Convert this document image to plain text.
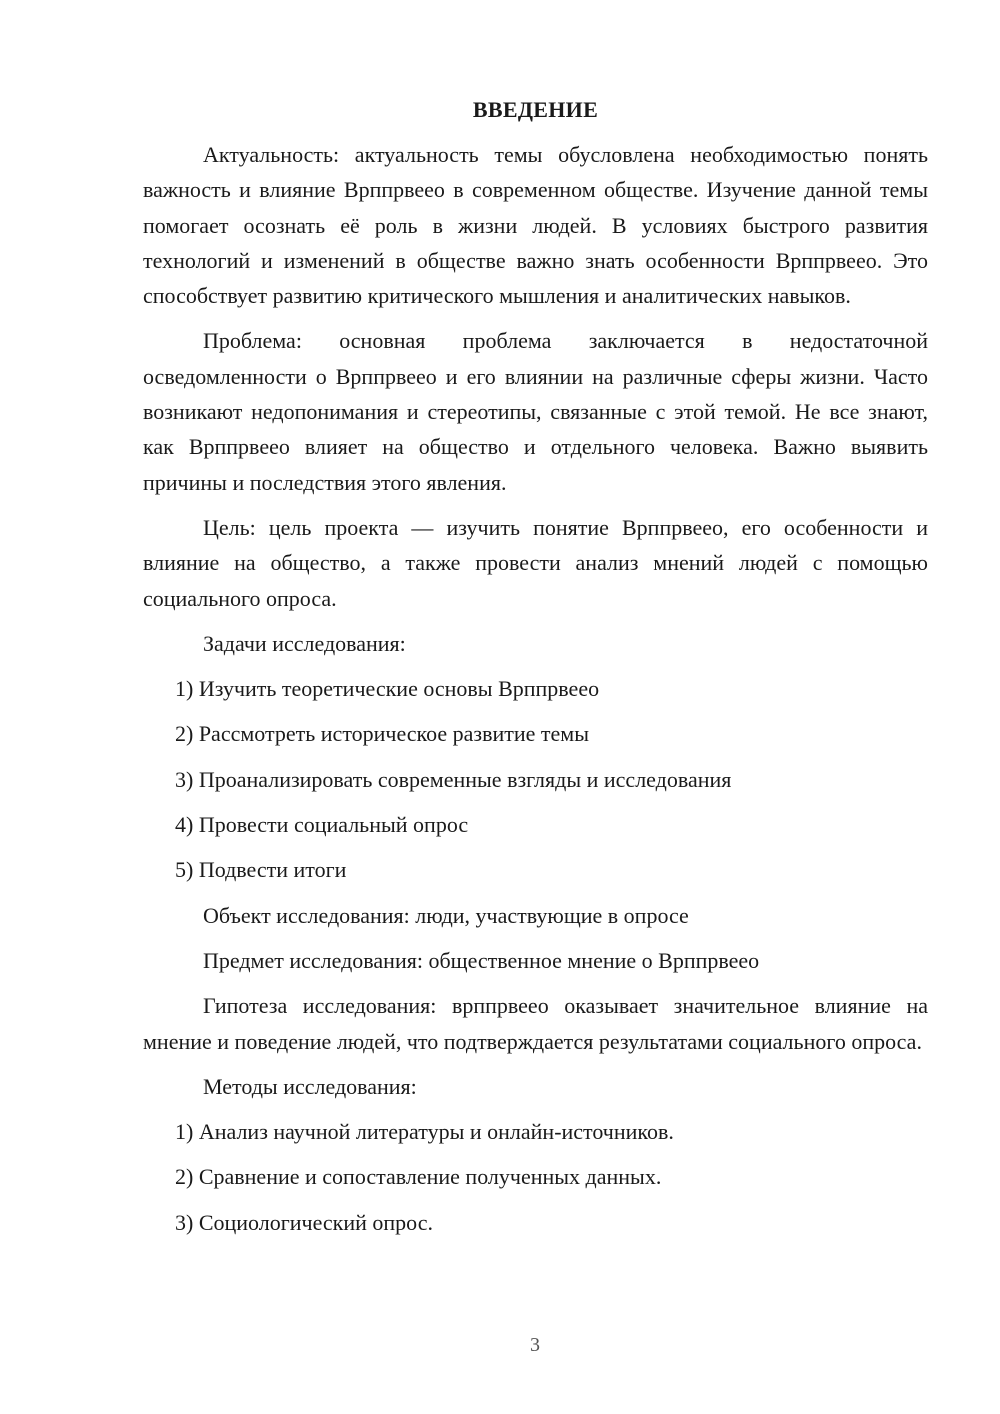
ВВЕДЕНИЕ

Актуальность: актуальность темы обусловлена необходимостью понять важность и влияние Врппрвеео в современном обществе. Изучение данной темы помогает осознать её роль в жизни людей. В условиях быстрого развития технологий и изменений в обществе важно знать особенности Врппрвеео. Это способствует развитию критического мышления и аналитических навыков.

Проблема: основная проблема заключается в недостаточной осведомленности о Врппрвеео и его влиянии на различные сферы жизни. Часто возникают недопонимания и стереотипы, связанные с этой темой. Не все знают, как Врппрвеео влияет на общество и отдельного человека. Важно выявить причины и последствия этого явления.

Цель: цель проекта — изучить понятие Врппрвеео, его особенности и влияние на общество, а также провести анализ мнений людей с помощью социального опроса.

Задачи исследования:
1) Изучить теоретические основы Врппрвеео
2) Рассмотреть историческое развитие темы
3) Проанализировать современные взгляды и исследования
4) Провести социальный опрос
5) Подвести итоги
Объект исследования: люди, участвующие в опросе
Предмет исследования: общественное мнение о Врппрвеео

Гипотеза исследования: врппрвеео оказывает значительное влияние на мнение и поведение людей, что подтверждается результатами социального опроса.

Методы исследования:
1) Анализ научной литературы и онлайн-источников.
2) Сравнение и сопоставление полученных данных.
3) Социологический опрос.
3
